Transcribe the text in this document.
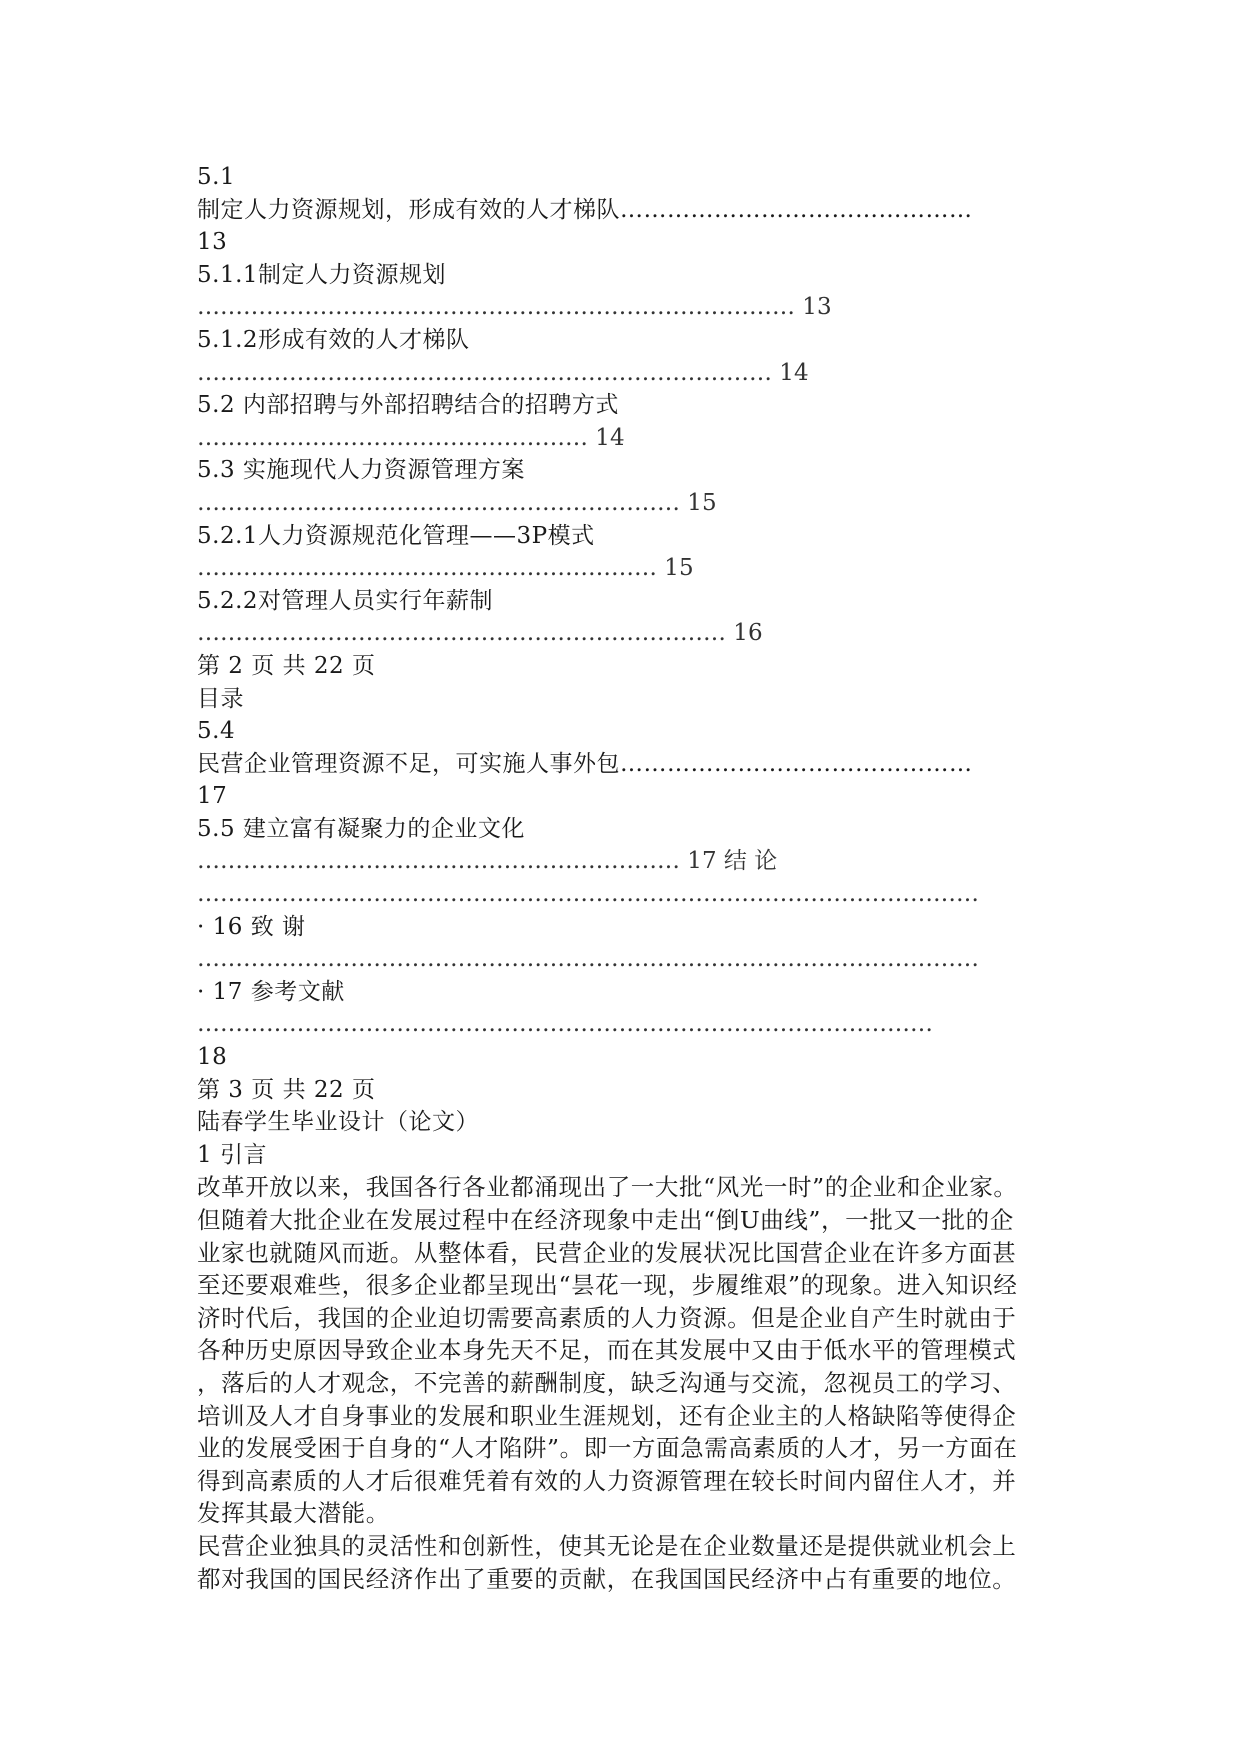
5.1
制定人力资源规划，形成有效的人才梯队………………………………………
13
5.1.1制定人力资源规划
…………………………………………………………………… 13
5.1.2形成有效的人才梯队
………………………………………………………………… 14
5.2 内部招聘与外部招聘结合的招聘方式
…………………………………………… 14
5.3 实施现代人力资源管理方案
……………………………………………………… 15
5.2.1人力资源规范化管理——3P模式
…………………………………………………… 15
5.2.2对管理人员实行年薪制
…………………………………………………………… 16
第 2 页 共 22 页
目录
5.4
民营企业管理资源不足，可实施人事外包………………………………………
17
5.5 建立富有凝聚力的企业文化
……………………………………………………… 17 结 论
…………………………………………………………………………………………
· 16 致 谢
…………………………………………………………………………………………
· 17 参考文献
……………………………………………………………………………………
18
第 3 页 共 22 页
陆春学生毕业设计（论文）
1 引言
改革开放以来，我国各行各业都涌现出了一大批“风光一时”的企业和企业家。
但随着大批企业在发展过程中在经济现象中走出“倒U曲线”，一批又一批的企
业家也就随风而逝。从整体看，民营企业的发展状况比国营企业在许多方面甚
至还要艰难些，很多企业都呈现出“昙花一现，步履维艰”的现象。进入知识经
济时代后，我国的企业迫切需要高素质的人力资源。但是企业自产生时就由于
各种历史原因导致企业本身先天不足，而在其发展中又由于低水平的管理模式
，落后的人才观念，不完善的薪酬制度，缺乏沟通与交流，忽视员工的学习、
培训及人才自身事业的发展和职业生涯规划，还有企业主的人格缺陷等使得企
业的发展受困于自身的“人才陷阱”。即一方面急需高素质的人才，另一方面在
得到高素质的人才后很难凭着有效的人力资源管理在较长时间内留住人才，并
发挥其最大潜能。
民营企业独具的灵活性和创新性，使其无论是在企业数量还是提供就业机会上
都对我国的国民经济作出了重要的贡献，在我国国民经济中占有重要的地位。
